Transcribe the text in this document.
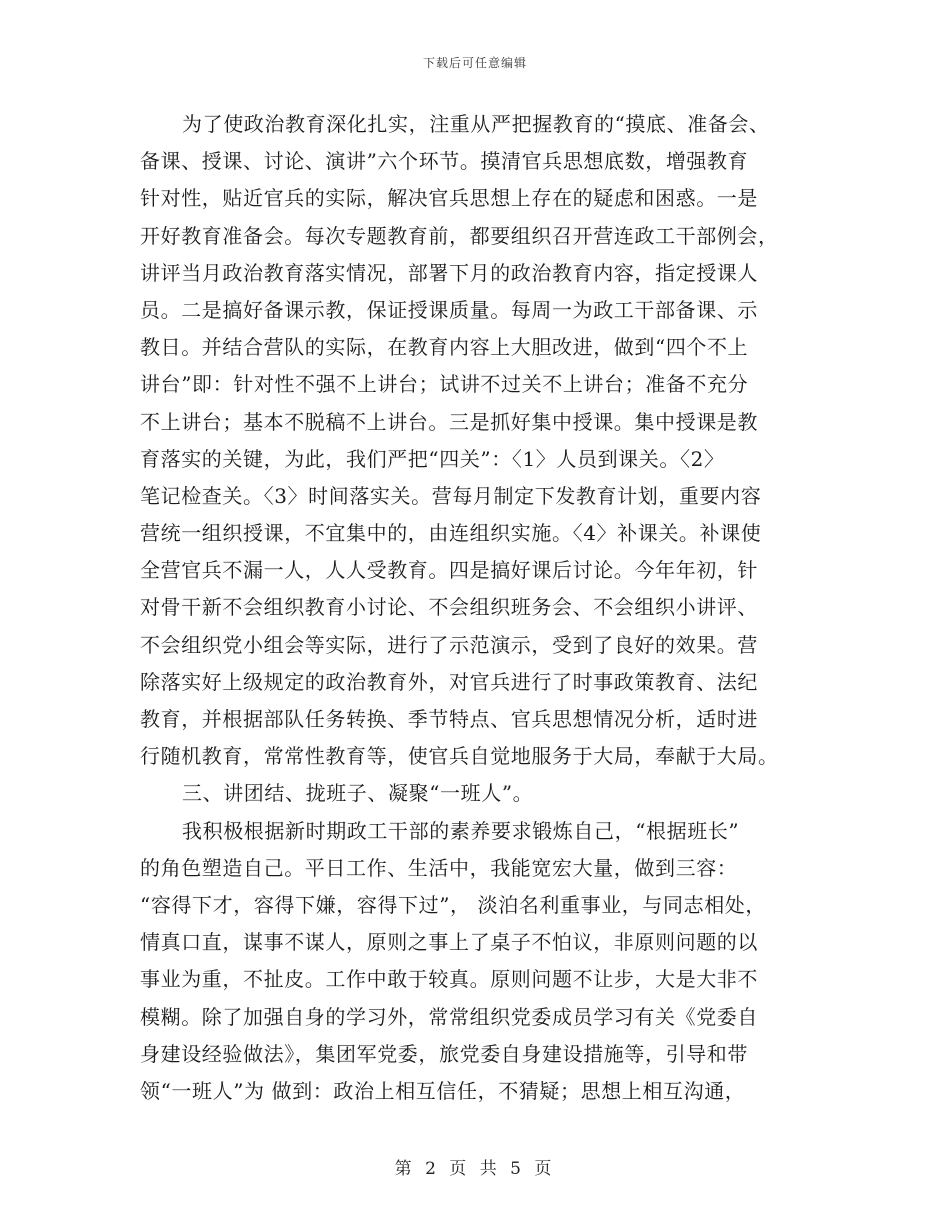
下载后可任意编辑
为了使政治教育深化扎实，注重从严把握教育的“摸底、准备会、
备课、授课、讨论、演讲”六个环节。摸清官兵思想底数，增强教育
针对性，贴近官兵的实际，解决官兵思想上存在的疑虑和困惑。一是
开好教育准备会。每次专题教育前，都要组织召开营连政工干部例会，
讲评当月政治教育落实情况，部署下月的政治教育内容，指定授课人
员。二是搞好备课示教，保证授课质量。每周一为政工干部备课、示
教日。并结合营队的实际，在教育内容上大胆改进，做到“四个不上
讲台”即：针对性不强不上讲台；试讲不过关不上讲台；准备不充分
不上讲台；基本不脱稿不上讲台。三是抓好集中授课。集中授课是教
育落实的关键，为此，我们严把“四关”：〈1〉人员到课关。〈2〉
笔记检查关。〈3〉时间落实关。营每月制定下发教育计划，重要内容
营统一组织授课，不宜集中的，由连组织实施。〈4〉补课关。补课使
全营官兵不漏一人，人人受教育。四是搞好课后讨论。今年年初，针
对骨干新不会组织教育小讨论、不会组织班务会、不会组织小讲评、
不会组织党小组会等实际，进行了示范演示，受到了良好的效果。营
除落实好上级规定的政治教育外，对官兵进行了时事政策教育、法纪
教育，并根据部队任务转换、季节特点、官兵思想情况分析，适时进
行随机教育，常常性教育等，使官兵自觉地服务于大局，奉献于大局。
三、讲团结、拢班子、凝聚“一班人”。
我积极根据新时期政工干部的素养要求锻炼自己，“根据班长”
的角色塑造自己。平日工作、生活中，我能宽宏大量，做到三容：
“容得下才，容得下嫌，容得下过”， 淡泊名利重事业，与同志相处，
情真口直，谋事不谋人，原则之事上了桌子不怕议，非原则问题的以
事业为重，不扯皮。工作中敢于较真。原则问题不让步，大是大非不
模糊。除了加强自身的学习外，常常组织党委成员学习有关《党委自
身建设经验做法》，集团军党委，旅党委自身建设措施等，引导和带
领“一班人”为 做到：政治上相互信任，不猜疑；思想上相互沟通，
第 2 页 共 5 页
